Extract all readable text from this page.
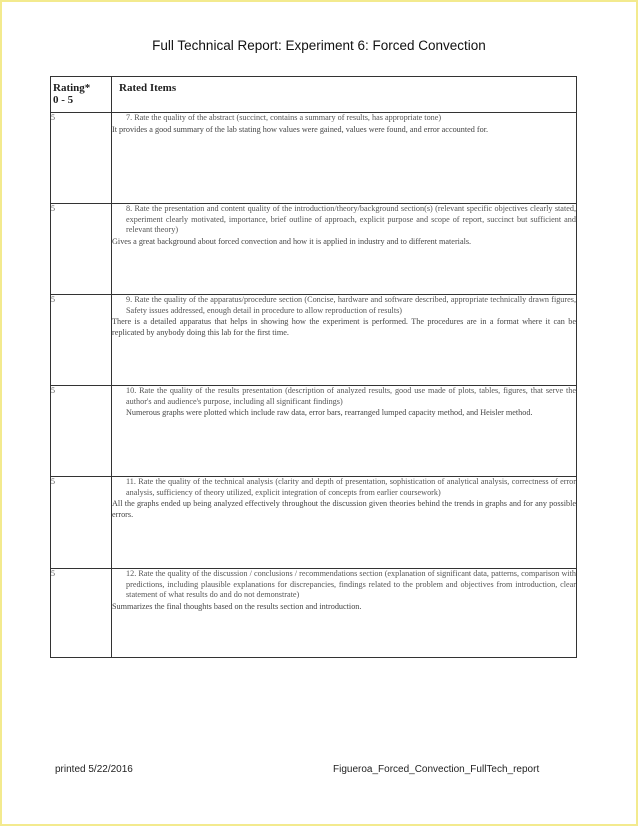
Full Technical Report: Experiment 6: Forced Convection
Rating*
0 - 5	Rated Items

5	7. Rate the quality of the abstract (succinct, contains a summary of results, has appropriate tone)
It provides a good summary of the lab stating how values were gained, values were found, and error accounted for.

5	8. Rate the presentation and content quality of the introduction/theory/background section(s) (relevant specific objectives clearly stated, experiment clearly motivated, importance, brief outline of approach, explicit purpose and scope of report, succinct but sufficient and relevant theory)
Gives a great background about forced convection and how it is applied in industry and to different materials.

5	9. Rate the quality of the apparatus/procedure section (Concise, hardware and software described, appropriate technically drawn figures, Safety issues addressed, enough detail in procedure to allow reproduction of results)
There is a detailed apparatus that helps in showing how the experiment is performed. The procedures are in a format where it can be replicated by anybody doing this lab for the first time.

5	10. Rate the quality of the results presentation (description of analyzed results, good use made of plots, tables, figures, that serve the author's and audience's purpose, including all significant findings)
Numerous graphs were plotted which include raw data, error bars, rearranged lumped capacity method, and Heisler method.

5	11. Rate the quality of the technical analysis (clarity and depth of presentation, sophistication of analytical analysis, correctness of error analysis, sufficiency of theory utilized, explicit integration of concepts from earlier coursework)
All the graphs ended up being analyzed effectively throughout the discussion given theories behind the trends in graphs and for any possible errors.

5	12. Rate the quality of the discussion / conclusions / recommendations section (explanation of significant data, patterns, comparison with predictions, including plausible explanations for discrepancies, findings related to the problem and objectives from introduction, clear statement of what results do and do not demonstrate)
Summarizes the final thoughts based on the results section and introduction.
printed 5/22/2016	Figueroa_Forced_Convection_FullTech_report
